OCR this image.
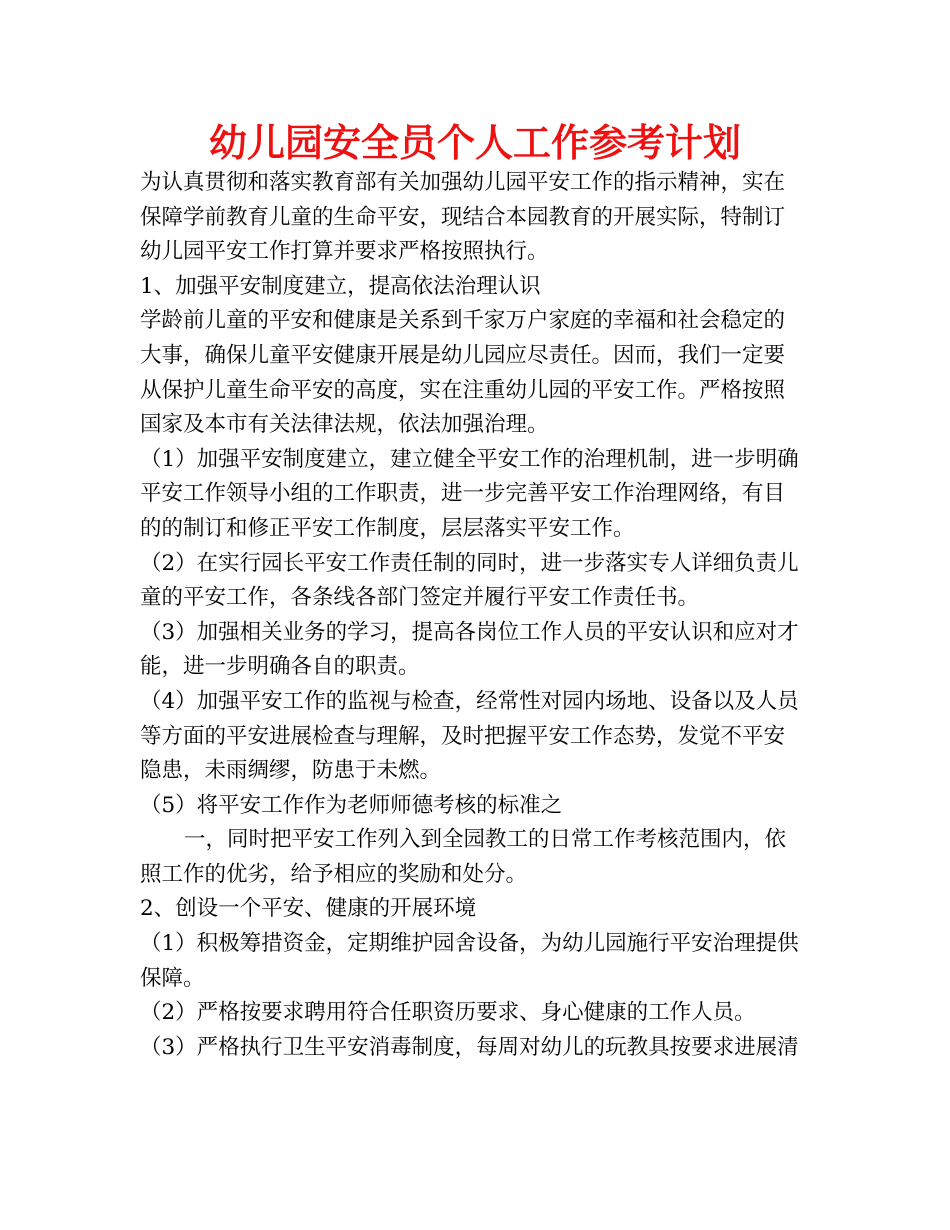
幼儿园安全员个人工作参考计划

为认真贯彻和落实教育部有关加强幼儿园平安工作的指示精神，实在

保障学前教育儿童的生命平安，现结合本园教育的开展实际，特制订

幼儿园平安工作打算并要求严格按照执行。

1、加强平安制度建立，提高依法治理认识

学龄前儿童的平安和健康是关系到千家万户家庭的幸福和社会稳定的

大事，确保儿童平安健康开展是幼儿园应尽责任。因而，我们一定要

从保护儿童生命平安的高度，实在注重幼儿园的平安工作。严格按照

国家及本市有关法律法规，依法加强治理。

（1）加强平安制度建立，建立健全平安工作的治理机制，进一步明确

平安工作领导小组的工作职责，进一步完善平安工作治理网络，有目

的的制订和修正平安工作制度，层层落实平安工作。

（2）在实行园长平安工作责任制的同时，进一步落实专人详细负责儿

童的平安工作，各条线各部门签定并履行平安工作责任书。

（3）加强相关业务的学习，提高各岗位工作人员的平安认识和应对才

能，进一步明确各自的职责。

（4）加强平安工作的监视与检查，经常性对园内场地、设备以及人员

等方面的平安进展检查与理解，及时把握平安工作态势，发觉不平安

隐患，未雨绸缪，防患于未燃。

（5）将平安工作作为老师师德考核的标准之

一，同时把平安工作列入到全园教工的日常工作考核范围内，依

照工作的优劣，给予相应的奖励和处分。

2、创设一个平安、健康的开展环境

（1）积极筹措资金，定期维护园舍设备，为幼儿园施行平安治理提供

保障。

（2）严格按要求聘用符合任职资历要求、身心健康的工作人员。

（3）严格执行卫生平安消毒制度，每周对幼儿的玩教具按要求进展清
